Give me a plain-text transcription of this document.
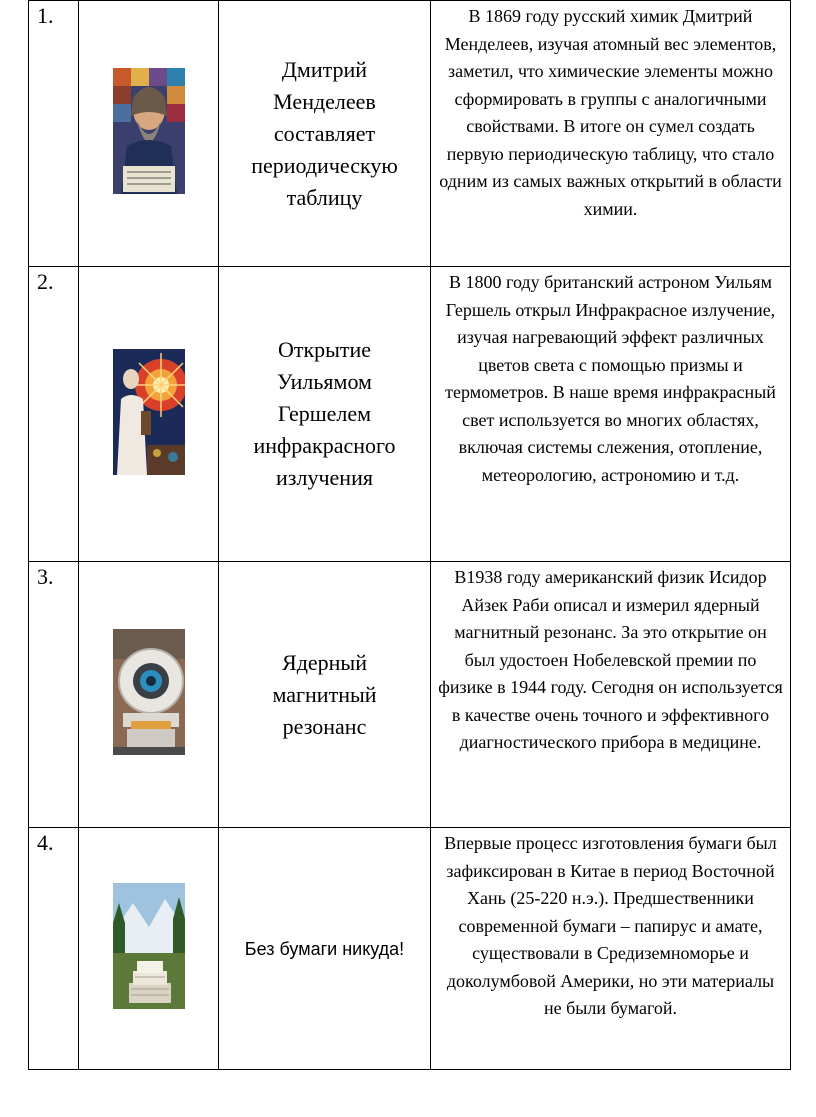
1.		Дмитрий Менделеев составляет периодическую таблицу	В 1869 году русский химик Дмитрий Менделеев, изучая атомный вес элементов, заметил, что химические элементы можно сформировать в группы с аналогичными свойствами. В итоге он сумел создать первую периодическую таблицу, что стало одним из самых важных открытий в области химии.
2.		Открытие Уильямом Гершелем инфракрасного излучения	В 1800 году британский астроном Уильям Гершель открыл Инфракрасное излучение, изучая нагревающий эффект различных цветов света с помощью призмы и термометров. В наше время инфракрасный свет используется во многих областях, включая системы слежения, отопление, метеорологию, астрономию и т.д.
3.		Ядерный магнитный резонанс	В1938 году американский физик Исидор Айзек Раби описал и измерил ядерный магнитный резонанс. За это открытие он был удостоен Нобелевской премии по физике в 1944 году. Сегодня он используется в качестве очень точного и эффективного диагностического прибора в медицине.
4.		Без бумаги никуда!	Впервые процесс изготовления бумаги был зафиксирован в Китае в период Восточной Хань (25-220 н.э.). Предшественники современной бумаги – папирус и амате, существовали в Средиземноморье и доколумбовой Америки, но эти материалы не были бумагой.
